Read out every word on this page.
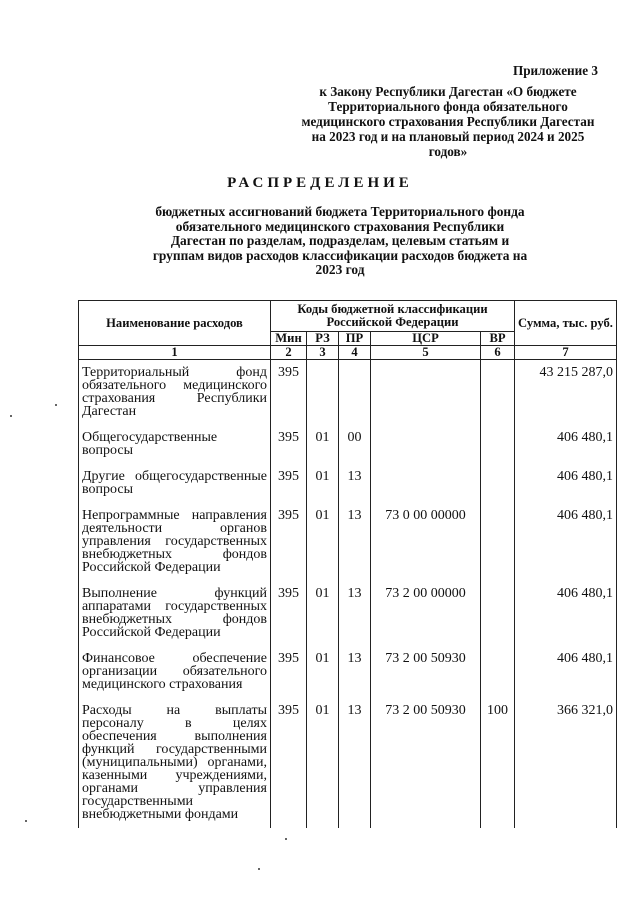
Приложение 3
к Закону Республики Дагестан «О бюджете Территориального фонда обязательного медицинского страхования Республики Дагестан на 2023 год и на плановый период 2024 и 2025 годов»
РАСПРЕДЕЛЕНИЕ
бюджетных ассигнований бюджета Территориального фонда обязательного медицинского страхования Республики Дагестан по разделам, подразделам, целевым статьям и группам видов расходов классификации расходов бюджета на 2023 год
Наименование расходов	Коды бюджетной классификации Российской Федерации					Сумма, тыс. руб.
	Мин	РЗ	ПР	ЦСР	ВР	
1	2	3	4	5	6	7
Территориальный фонд обязательного медицинского страхования Республики Дагестан	395					43 215 287,0
Общегосударственные вопросы	395	01	00			406 480,1
Другие общегосударственные вопросы	395	01	13			406 480,1
Непрограммные направления деятельности органов управления государственных внебюджетных фондов Российской Федерации	395	01	13	73 0 00 00000		406 480,1
Выполнение функций аппаратами государственных внебюджетных фондов Российской Федерации	395	01	13	73 2 00 00000		406 480,1
Финансовое обеспечение организации обязательного медицинского страхования	395	01	13	73 2 00 50930		406 480,1
Расходы на выплаты персоналу в целях обеспечения выполнения функций государственными (муниципальными) органами, казенными учреждениями, органами управления государственными внебюджетными фондами	395	01	13	73 2 00 50930	100	366 321,0
